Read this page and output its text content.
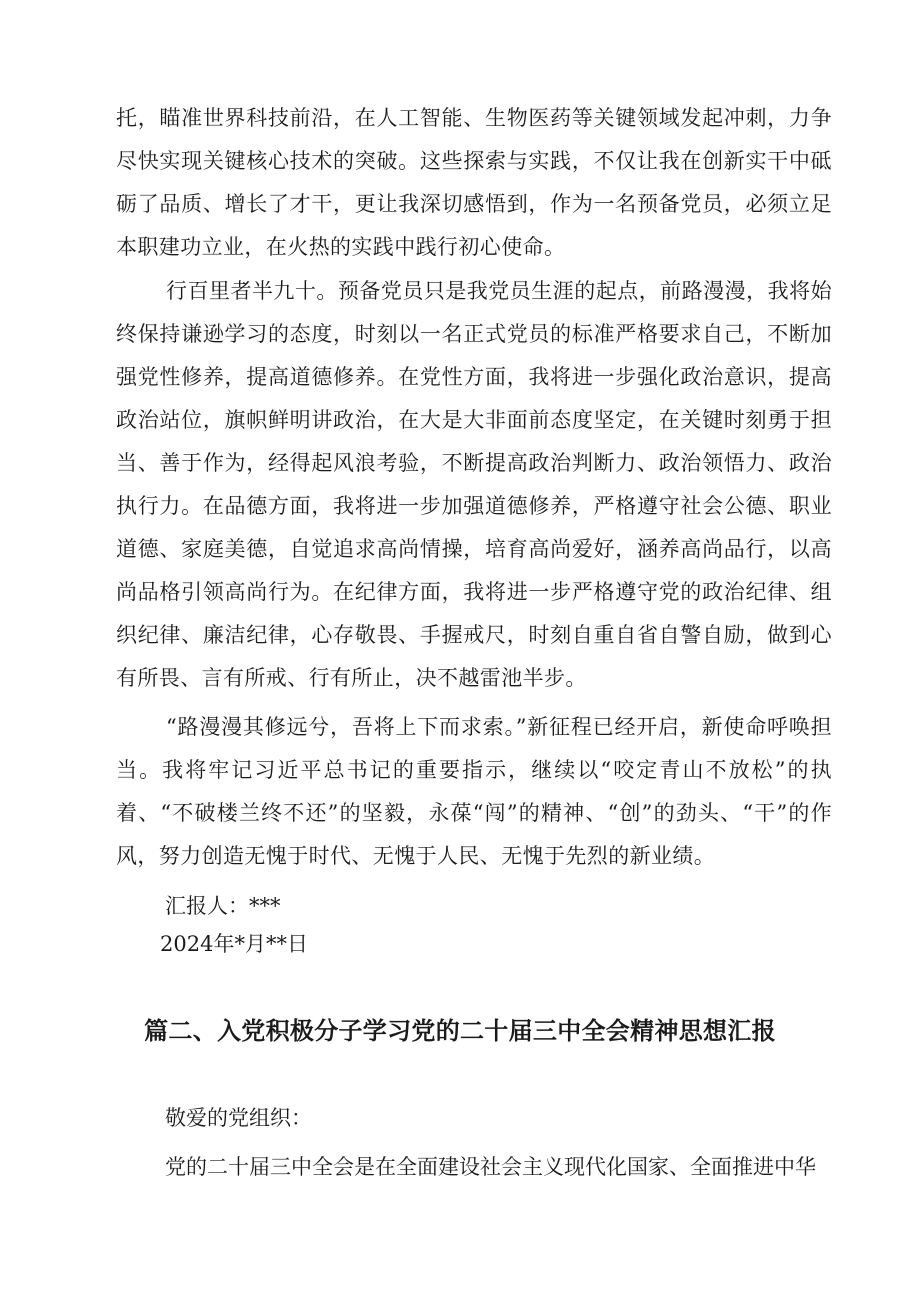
托，瞄准世界科技前沿，在人工智能、生物医药等关键领域发起冲刺，力争尽快实现关键核心技术的突破。这些探索与实践，不仅让我在创新实干中砥砺了品质、增长了才干，更让我深切感悟到，作为一名预备党员，必须立足本职建功立业，在火热的实践中践行初心使命。

行百里者半九十。预备党员只是我党员生涯的起点，前路漫漫，我将始终保持谦逊学习的态度，时刻以一名正式党员的标准严格要求自己，不断加强党性修养，提高道德修养。在党性方面，我将进一步强化政治意识，提高政治站位，旗帜鲜明讲政治，在大是大非面前态度坚定，在关键时刻勇于担当、善于作为，经得起风浪考验，不断提高政治判断力、政治领悟力、政治执行力。在品德方面，我将进一步加强道德修养，严格遵守社会公德、职业道德、家庭美德，自觉追求高尚情操，培育高尚爱好，涵养高尚品行，以高尚品格引领高尚行为。在纪律方面，我将进一步严格遵守党的政治纪律、组织纪律、廉洁纪律，心存敬畏、手握戒尺，时刻自重自省自警自励，做到心有所畏、言有所戒、行有所止，决不越雷池半步。

“路漫漫其修远兮，吾将上下而求索。”新征程已经开启，新使命呼唤担当。我将牢记习近平总书记的重要指示，继续以“咬定青山不放松”的执着、“不破楼兰终不还”的坚毅，永葆“闯”的精神、“创”的劲头、“干”的作风，努力创造无愧于时代、无愧于人民、无愧于先烈的新业绩。

汇报人：***

2024年*月**日

篇二、入党积极分子学习党的二十届三中全会精神思想汇报

敬爱的党组织：

党的二十届三中全会是在全面建设社会主义现代化国家、全面推进中华
